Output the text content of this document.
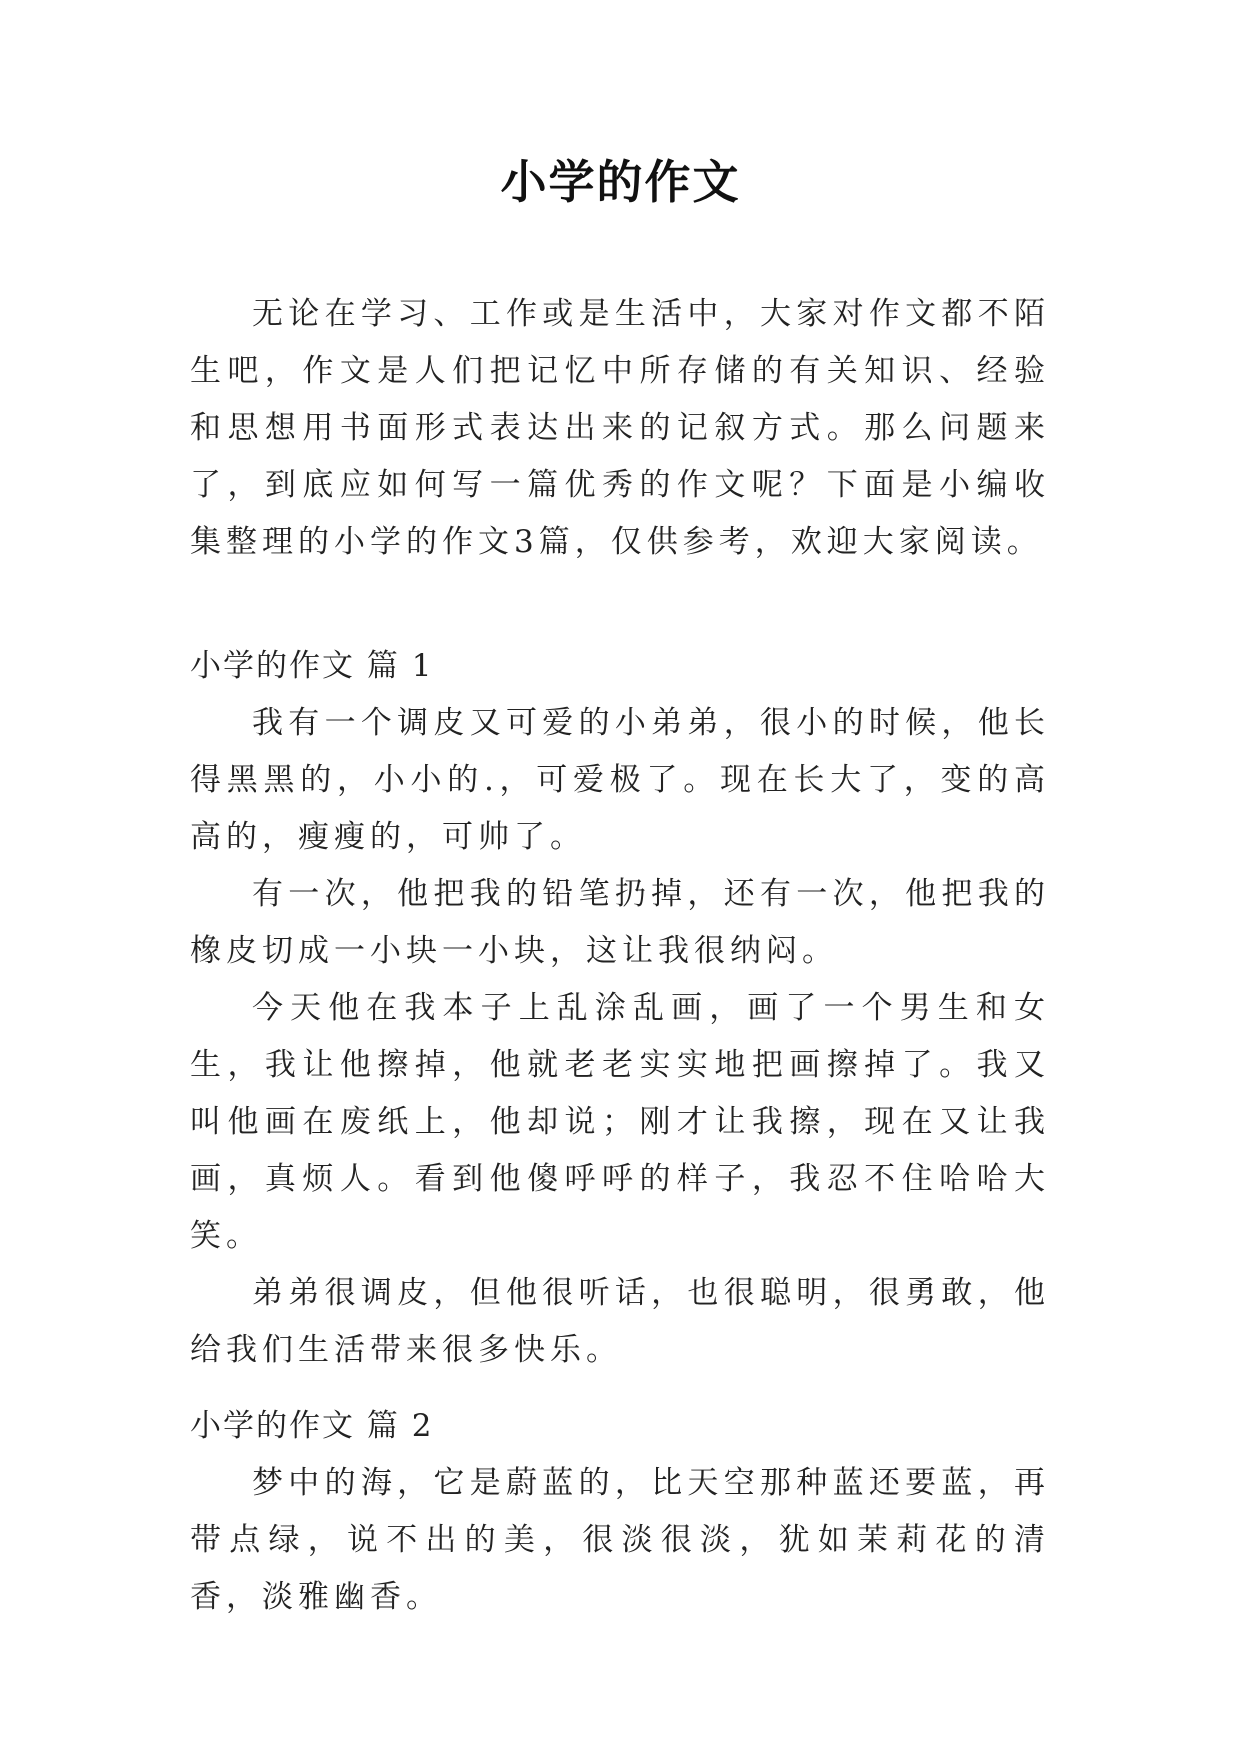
小学的作文

无论在学习、工作或是生活中，大家对作文都不陌生吧，作文是人们把记忆中所存储的有关知识、经验和思想用书面形式表达出来的记叙方式。那么问题来了，到底应如何写一篇优秀的作文呢？下面是小编收集整理的小学的作文3篇，仅供参考，欢迎大家阅读。

小学的作文 篇 1

我有一个调皮又可爱的小弟弟，很小的时候，他长得黑黑的，小小的.，可爱极了。现在长大了，变的高高的，瘦瘦的，可帅了。

有一次，他把我的铅笔扔掉，还有一次，他把我的橡皮切成一小块一小块，这让我很纳闷。

今天他在我本子上乱涂乱画，画了一个男生和女生，我让他擦掉，他就老老实实地把画擦掉了。我又叫他画在废纸上，他却说；刚才让我擦，现在又让我画，真烦人。看到他傻呼呼的样子，我忍不住哈哈大笑。

弟弟很调皮，但他很听话，也很聪明，很勇敢，他给我们生活带来很多快乐。

小学的作文 篇 2

梦中的海，它是蔚蓝的，比天空那种蓝还要蓝，再带点绿，说不出的美，很淡很淡，犹如茉莉花的清香，淡雅幽香。
